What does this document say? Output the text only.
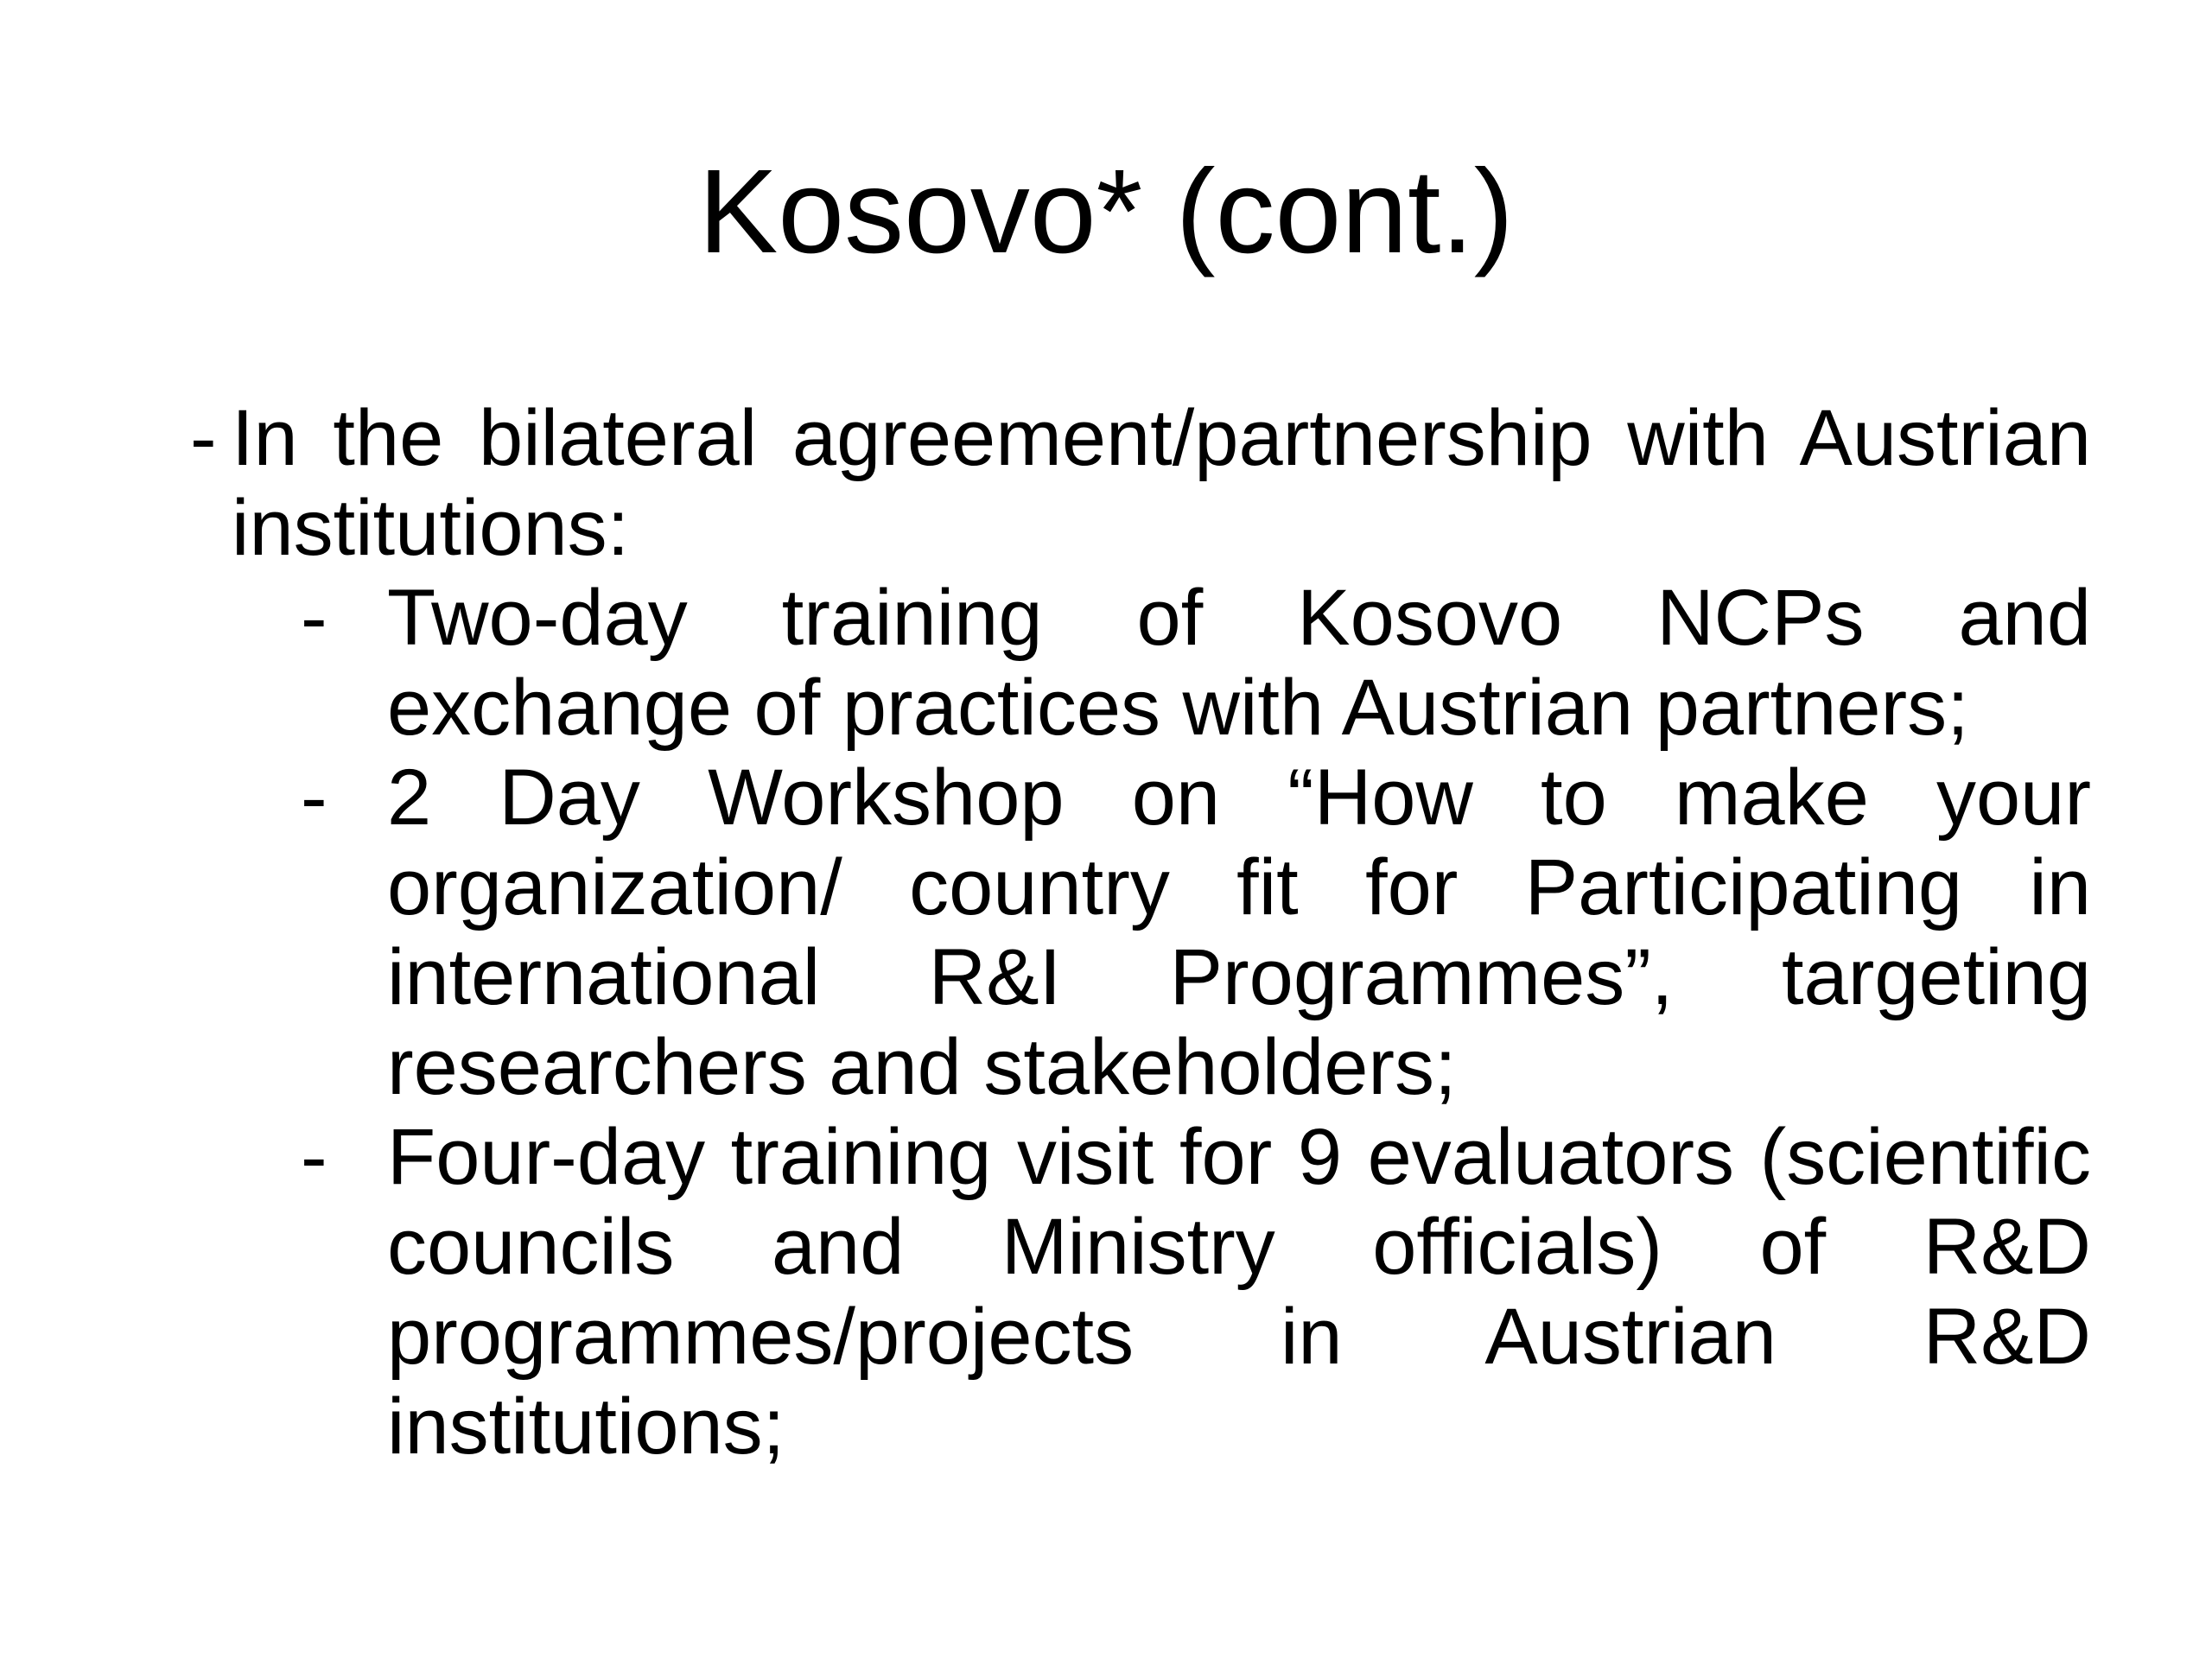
Kosovo* (cont.)
- In the bilateral agreement/partnership with Austrian institutions:
- Two-day training of Kosovo NCPs and exchange of practices with Austrian partners;
- 2 Day Workshop on “How to make your organization/ country fit for Participating in international R&I Programmes”, targeting researchers and stakeholders;
- Four-day training visit for 9 evaluators (scientific councils and Ministry officials) of R&D programmes/projects in Austrian R&D institutions;
